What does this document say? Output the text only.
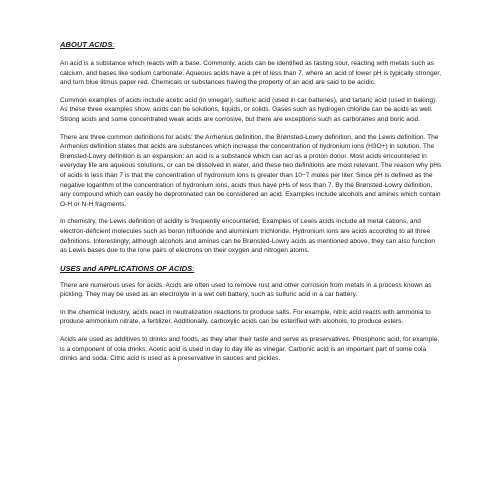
ABOUT ACIDS:

An acid is a substance which reacts with a base. Commonly, acids can be identified as tasting sour, reacting with metals such as calcium, and bases like sodium carbonate. Aqueous acids have a pH of less than 7, where an acid of lower pH is typically stronger, and turn blue litmus paper red. Chemicals or substances having the property of an acid are said to be acidic.

Common examples of acids include acetic acid (in vinegar), sulfuric acid (used in car batteries), and tartaric acid (used in baking). As these three examples show, acids can be solutions, liquids, or solids. Gases such as hydrogen chloride can be acids as well. Strong acids and some concentrated weak acids are corrosive, but there are exceptions such as carboranes and boric acid.

There are three common definitions for acids: the Arrhenius definition, the Brønsted-Lowry definition, and the Lewis definition. The Arrhenius definition states that acids are substances which increase the concentration of hydronium ions (H3O+) in solution. The Brønsted-Lowry definition is an expansion: an acid is a substance which can act as a proton donor. Most acids encountered in everyday life are aqueous solutions, or can be dissolved in water, and these two definitions are most relevant. The reason why pHs of acids is less than 7 is that the concentration of hydronium ions is greater than 10−7 moles per liter. Since pH is defined as the negative logarithm of the concentration of hydronium ions, acids thus have pHs of less than 7. By the Brønsted-Lowry definition, any compound which can easily be deprotonated can be considered an acid. Examples include alcohols and amines which contain O-H or N-H fragments.

In chemistry, the Lewis definition of acidity is frequently encountered. Examples of Lewis acids include all metal cations, and electron-deficient molecules such as boron trifluoride and aluminium trichloride. Hydronium ions are acids according to all three definitions. Interestingly, although alcohols and amines can be Brønsted-Lowry acids as mentioned above, they can also function as Lewis bases due to the lone pairs of electrons on their oxygen and nitrogen atoms.

USES and APPLICATIONS OF ACIDS:

There are numerous uses for acids. Acids are often used to remove rust and other corrosion from metals in a process known as pickling. They may be used as an electrolyte in a wet cell battery, such as sulfuric acid in a car battery.

In the chemical industry, acids react in neutralization reactions to produce salts. For example, nitric acid reacts with ammonia to produce ammonium nitrate, a fertilizer. Additionally, carboxylic acids can be esterified with alcohols, to produce esters.

Acids are used as additives to drinks and foods, as they alter their taste and serve as preservatives. Phosphoric acid, for example, is a component of cola drinks. Acetic acid is used in day to day life as vinegar. Carbonic acid is an important part of some cola drinks and soda. Citric acid is used as a preservative in sauces and pickles.
